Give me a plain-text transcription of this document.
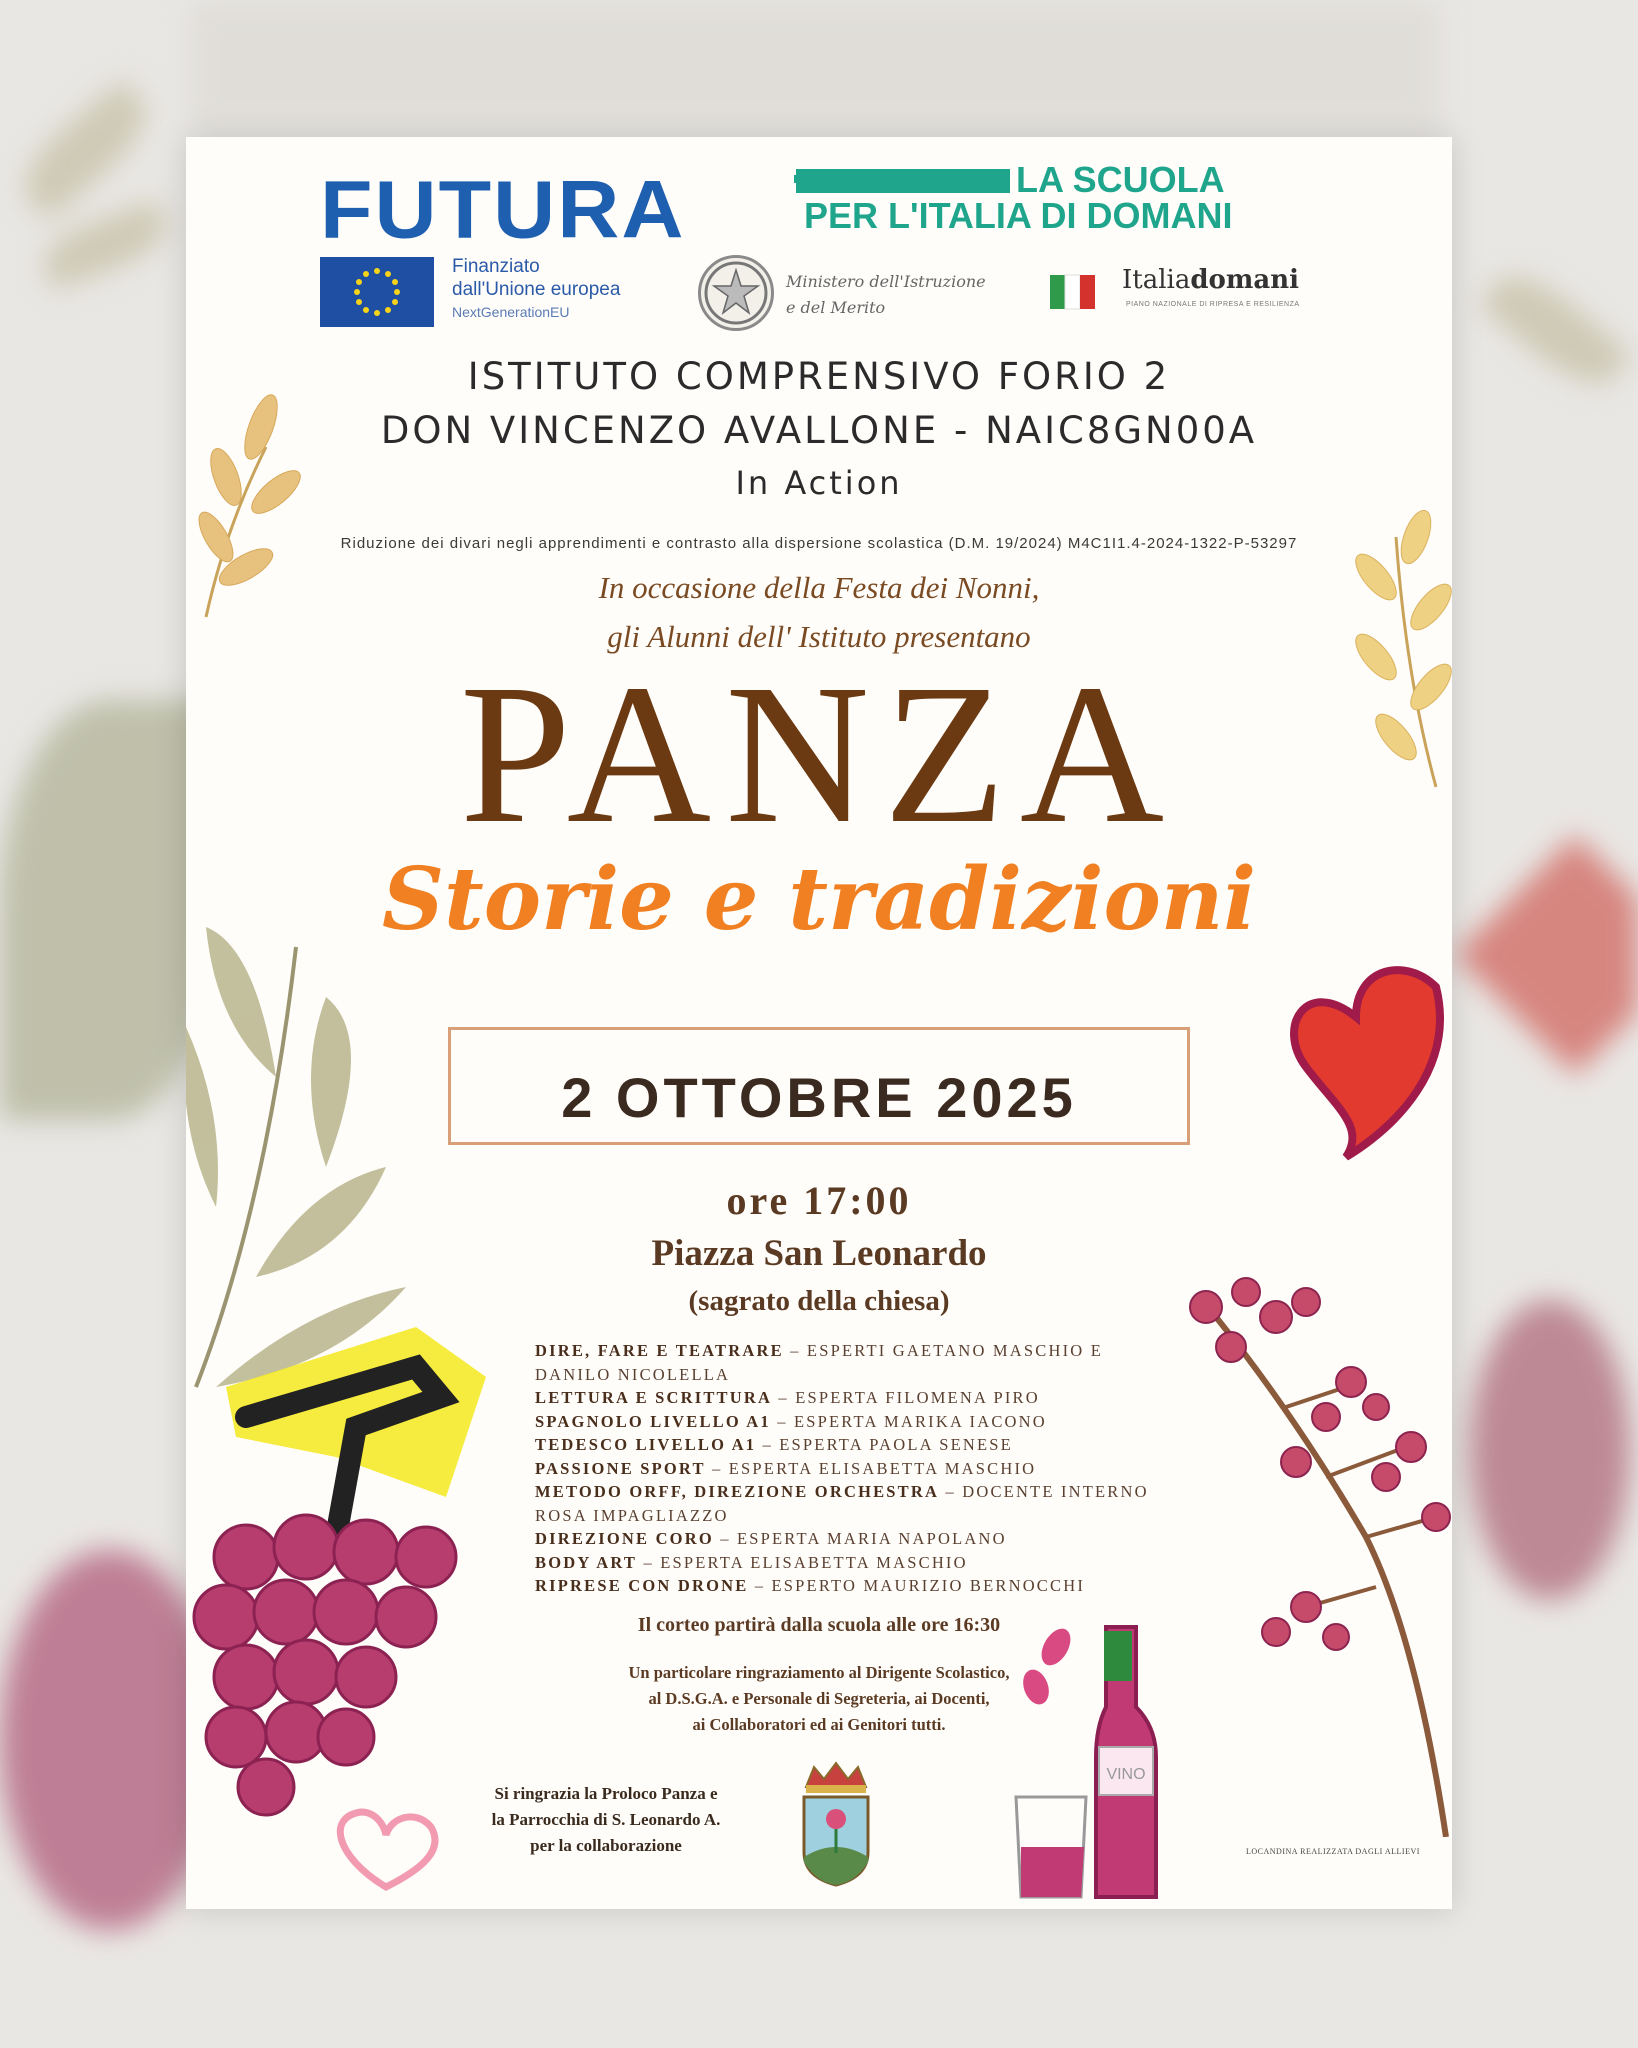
VINO
FUTURA	LA SCUOLA
PER L'ITALIA DI DOMANI
Finanziato
dall'Unione europea
NextGenerationEU
Ministero dell'Istruzione
e del Merito
Italiadomani
PIANO NAZIONALE DI RIPRESA E RESILIENZA
ISTITUTO COMPRENSIVO FORIO 2
DON VINCENZO AVALLONE - NAIC8GN00A
In Action
Riduzione dei divari negli apprendimenti e contrasto alla dispersione scolastica (D.M. 19/2024) M4C1I1.4-2024-1322-P-53297
In occasione della Festa dei Nonni,
gli Alunni dell' Istituto presentano
PANZA
Storie e tradizioni
2 OTTOBRE 2025
ore 17:00
Piazza San Leonardo
(sagrato della chiesa)
DIRE, FARE E TEATRARE – ESPERTI GAETANO MASCHIO E DANILO NICOLELLA
LETTURA E SCRITTURA – ESPERTA FILOMENA PIRO
SPAGNOLO LIVELLO A1 – ESPERTA MARIKA IACONO
TEDESCO LIVELLO A1 – ESPERTA PAOLA SENESE
PASSIONE SPORT – ESPERTA ELISABETTA MASCHIO
METODO ORFF, DIREZIONE ORCHESTRA – DOCENTE INTERNO ROSA IMPAGLIAZZO
DIREZIONE CORO – ESPERTA MARIA NAPOLANO
BODY ART – ESPERTA ELISABETTA MASCHIO
RIPRESE CON DRONE – ESPERTO MAURIZIO BERNOCCHI
Il corteo partirà dalla scuola alle ore 16:30
Un particolare ringraziamento al Dirigente Scolastico,
al D.S.G.A. e Personale di Segreteria, ai Docenti,
ai Collaboratori ed ai Genitori tutti.
Si ringrazia la Proloco Panza e
la Parrocchia di S. Leonardo A.
per la collaborazione	LOCANDINA REALIZZATA DAGLI ALLIEVI
